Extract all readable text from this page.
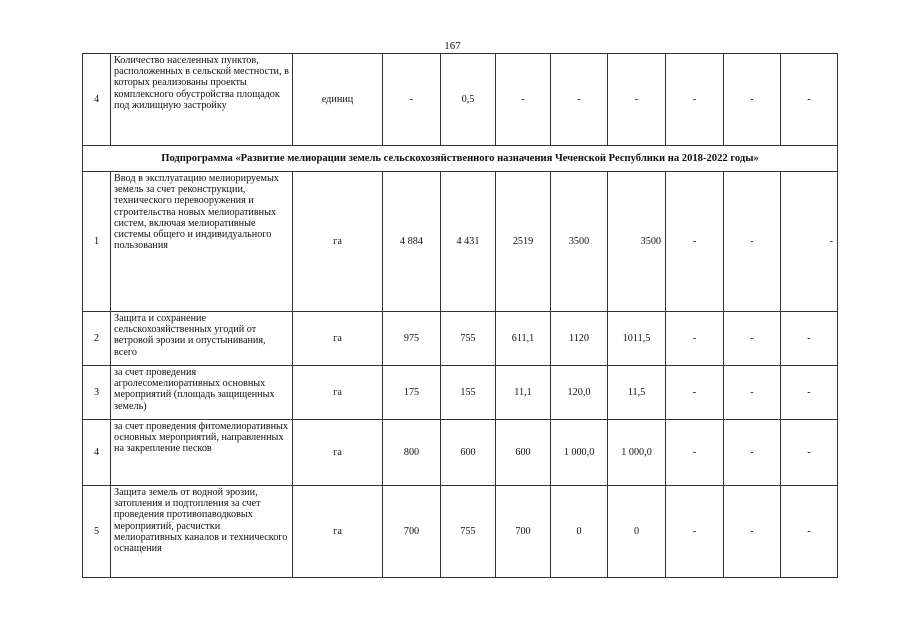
167
4	Количество населенных пунктов, расположенных в сельской местности, в которых реализованы проекты комплексного обустройства площадок под жилищную застройку	единиц	-	0,5	-	-	-	-	-	-
Подпрограмма «Развитие мелиорации земель сельскохозяйственного назначения Чеченской Республики на 2018-2022 годы»										
1	Ввод в эксплуатацию мелиорируемых земель за счет реконструкции, технического перевооружения и строительства новых мелиоративных систем, включая мелиоративные системы общего и индивидуального пользования	га	4 884	4 431	2519	3500	3500	-	-	-
2	Защита и сохранение сельскохозяйственных угодий от ветровой эрозии и опустынивания, всего	га	975	755	611,1	1120	1011,5	-	-	-
3	за счет проведения агролесомелиоративных основных мероприятий (площадь защищенных земель)	га	175	155	11,1	120,0	11,5	-	-	-
4	за счет проведения фитомелиоративных основных мероприятий, направленных на закрепление песков	га	800	600	600	1 000,0	1 000,0	-	-	-
5	Защита земель от водной эрозии, затопления и подтопления за счет проведения противопаводковых мероприятий, расчистки мелиоративных каналов и технического оснащения	га	700	755	700	0	0	-	-	-
